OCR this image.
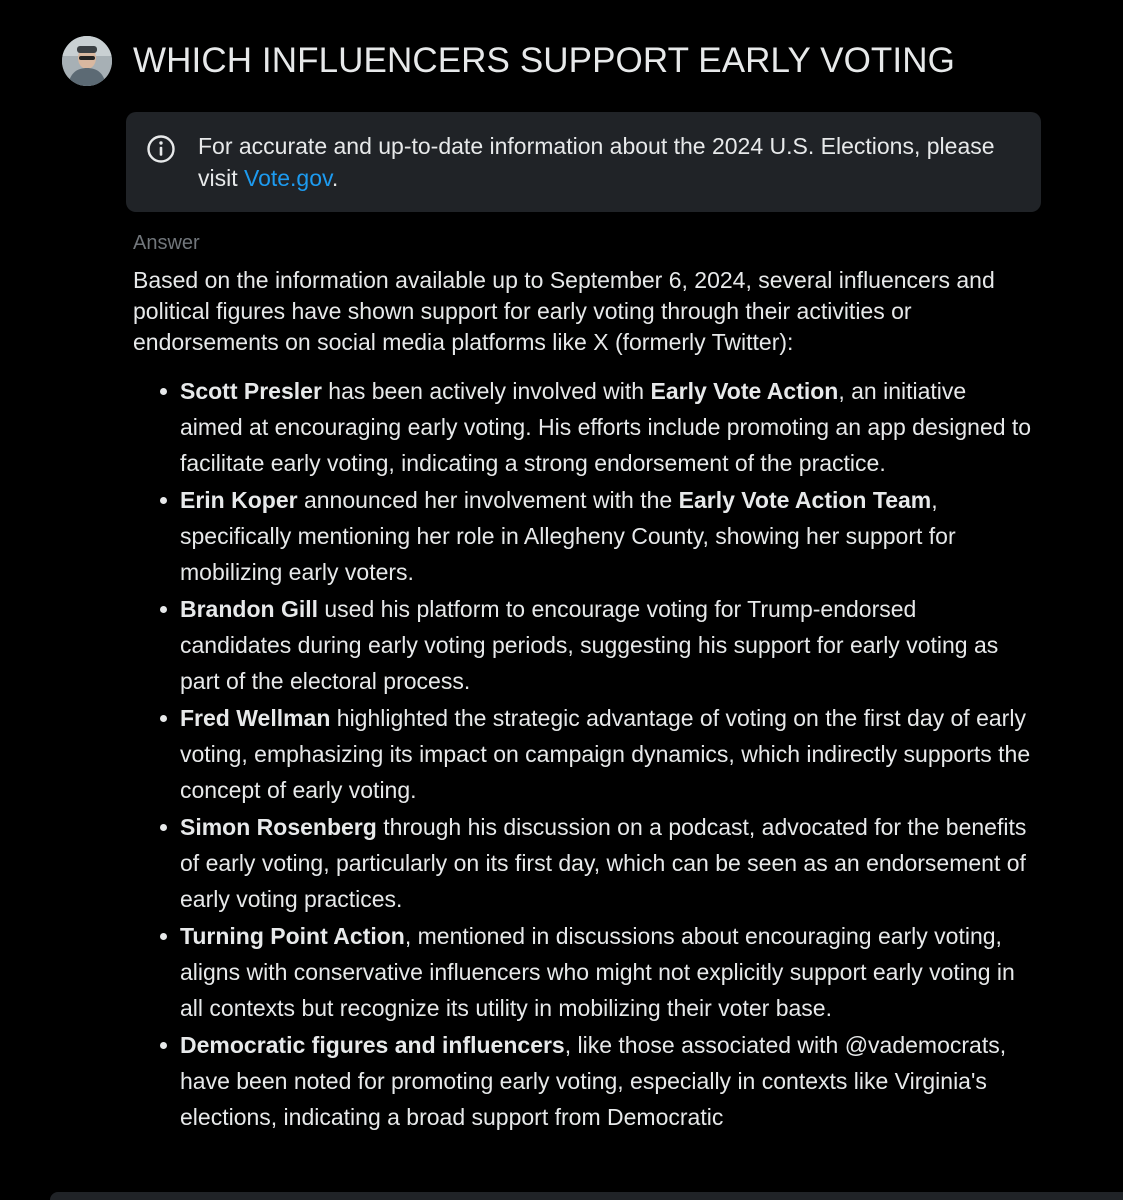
WHICH INFLUENCERS SUPPORT EARLY VOTING
For accurate and up-to-date information about the 2024 U.S. Elections, please visit Vote.gov.
Answer
Based on the information available up to September 6, 2024, several influencers and political figures have shown support for early voting through their activities or endorsements on social media platforms like X (formerly Twitter):
Scott Presler has been actively involved with Early Vote Action, an initiative aimed at encouraging early voting. His efforts include promoting an app designed to facilitate early voting, indicating a strong endorsement of the practice.
Erin Koper announced her involvement with the Early Vote Action Team, specifically mentioning her role in Allegheny County, showing her support for mobilizing early voters.
Brandon Gill used his platform to encourage voting for Trump-endorsed candidates during early voting periods, suggesting his support for early voting as part of the electoral process.
Fred Wellman highlighted the strategic advantage of voting on the first day of early voting, emphasizing its impact on campaign dynamics, which indirectly supports the concept of early voting.
Simon Rosenberg through his discussion on a podcast, advocated for the benefits of early voting, particularly on its first day, which can be seen as an endorsement of early voting practices.
Turning Point Action, mentioned in discussions about encouraging early voting, aligns with conservative influencers who might not explicitly support early voting in all contexts but recognize its utility in mobilizing their voter base.
Democratic figures and influencers, like those associated with @vademocrats, have been noted for promoting early voting, especially in contexts like Virginia's elections, indicating a broad support from Democratic
